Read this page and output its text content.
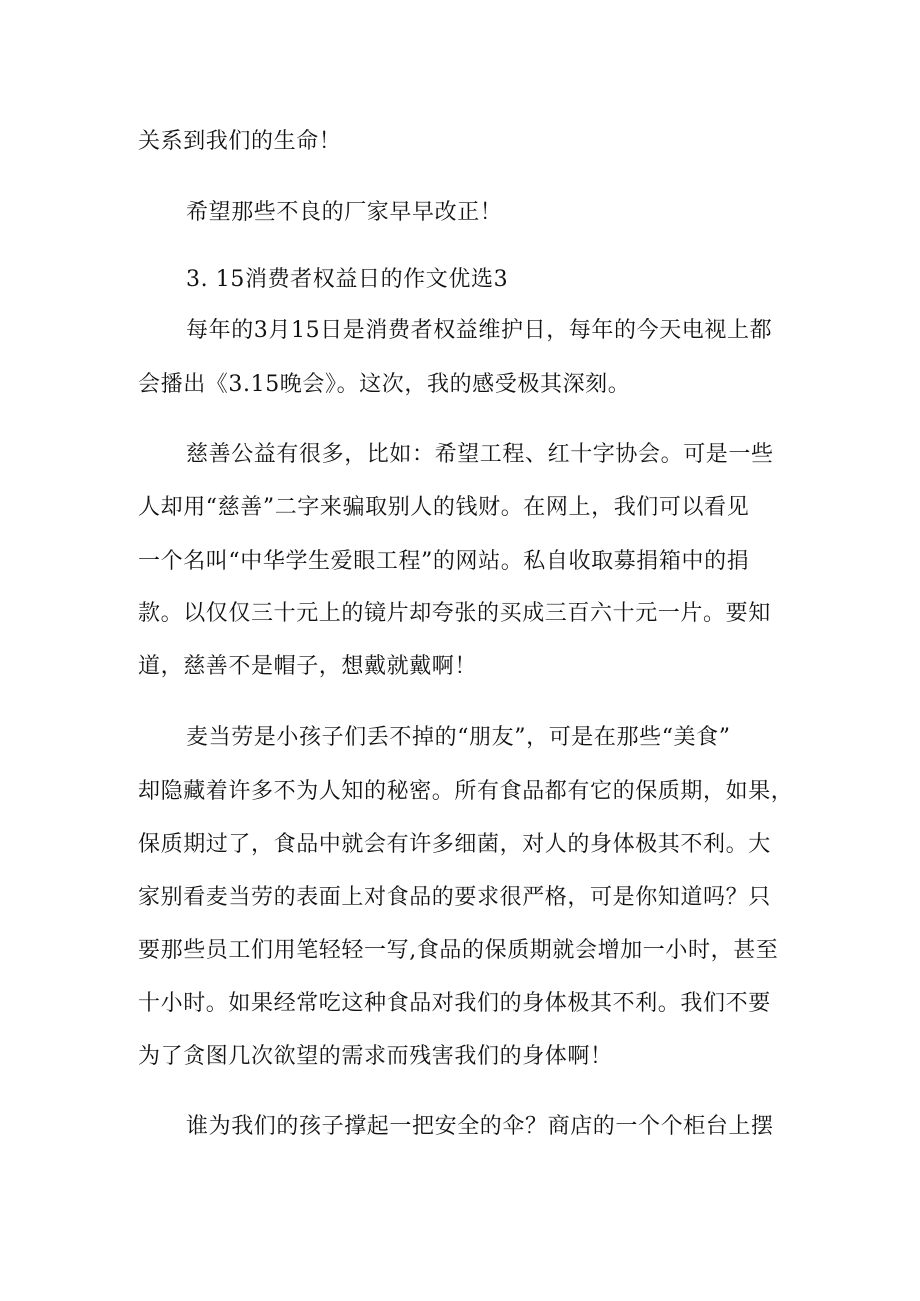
关系到我们的生命！
希望那些不良的厂家早早改正！
3. 15消费者权益日的作文优选3
每年的3月15日是消费者权益维护日，每年的今天电视上都
会播出《3.15晚会》。这次，我的感受极其深刻。
慈善公益有很多，比如：希望工程、红十字协会。可是一些
人却用“慈善”二字来骗取别人的钱财。在网上，我们可以看见
一个名叫“中华学生爱眼工程”的网站。私自收取募捐箱中的捐
款。以仅仅三十元上的镜片却夸张的买成三百六十元一片。要知
道，慈善不是帽子，想戴就戴啊！
麦当劳是小孩子们丢不掉的“朋友”，可是在那些“美食”
却隐藏着许多不为人知的秘密。所有食品都有它的保质期，如果，
保质期过了，食品中就会有许多细菌，对人的身体极其不利。大
家别看麦当劳的表面上对食品的要求很严格，可是你知道吗？只
要那些员工们用笔轻轻一写,食品的保质期就会增加一小时，甚至
十小时。如果经常吃这种食品对我们的身体极其不利。我们不要
为了贪图几次欲望的需求而残害我们的身体啊！
谁为我们的孩子撑起一把安全的伞？商店的一个个柜台上摆
